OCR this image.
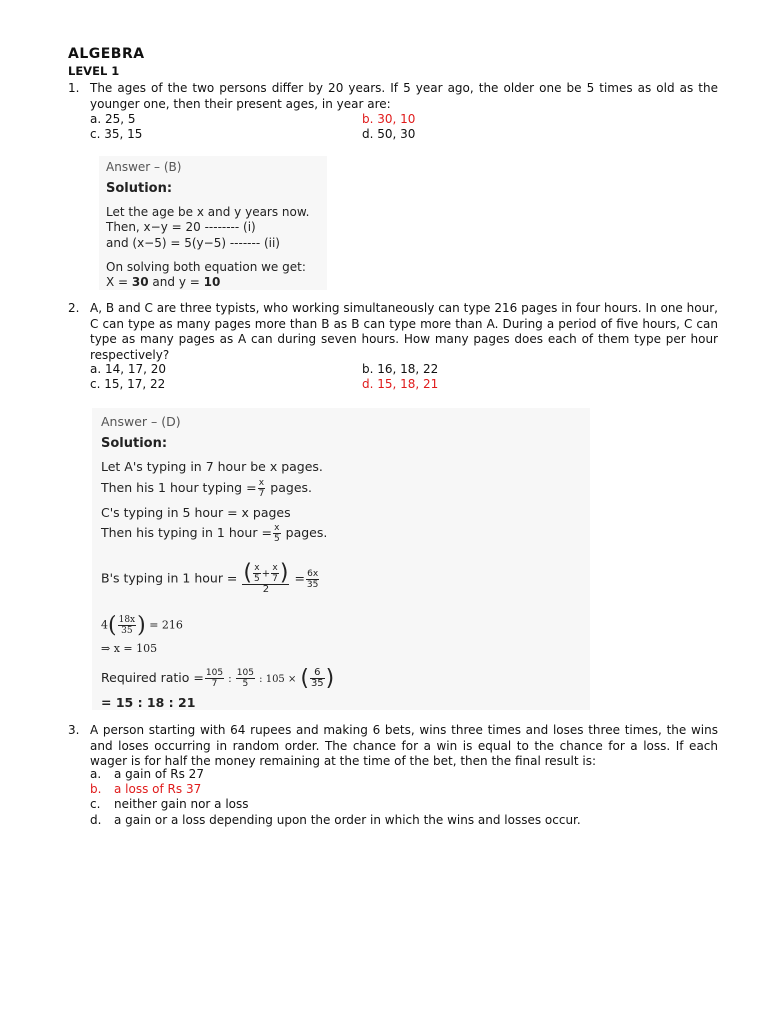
ALGEBRA
LEVEL 1
1. The ages of the two persons differ by 20 years. If 5 year ago, the older one be 5 times as old as the younger one, then their present ages, in year are:
a. 25, 5	b. 30, 10
c. 35, 15	d. 50, 30
Answer – (B)
Solution:
Let the age be x and y years now.
Then, x−y = 20 -------- (i)
and (x−5) = 5(y−5) ------- (ii)
On solving both equation we get:
X = 30 and y = 10
2. A, B and C are three typists, who working simultaneously can type 216 pages in four hours. In one hour, C can type as many pages more than B as B can type more than A. During a period of five hours, C can type as many pages as A can during seven hours. How many pages does each of them type per hour respectively?
a. 14, 17, 20	b. 16, 18, 22
c. 15, 17, 22	d. 15, 18, 21
Answer – (D)
Solution:
Let A's typing in 7 hour be x pages.
Then his 1 hour typing = $\frac{x}{7}$ pages.
C's typing in 5 hour = x pages
Then his typing in 1 hour = $\frac{x}{5}$ pages.
B's typing in 1 hour = $\frac{( \frac{x}{5} + \frac{x}{7} )}{2} = \frac{6x}{35}$
$4( \frac{18x}{35}$ ) = 216
⇒ x = 105
Required ratio = $\frac{105}{7}$ : $\frac{105}{5}$ : 105 × ( $\frac{6}{35}$ )
= 15 : 18 : 21
3. A person starting with 64 rupees and making 6 bets, wins three times and loses three times, the wins and loses occurring in random order. The chance for a win is equal to the chance for a loss. If each wager is for half the money remaining at the time of the bet, then the final result is:
a. a gain of Rs 27
b. a loss of Rs 37
c. neither gain nor a loss
d. a gain or a loss depending upon the order in which the wins and losses occur.
